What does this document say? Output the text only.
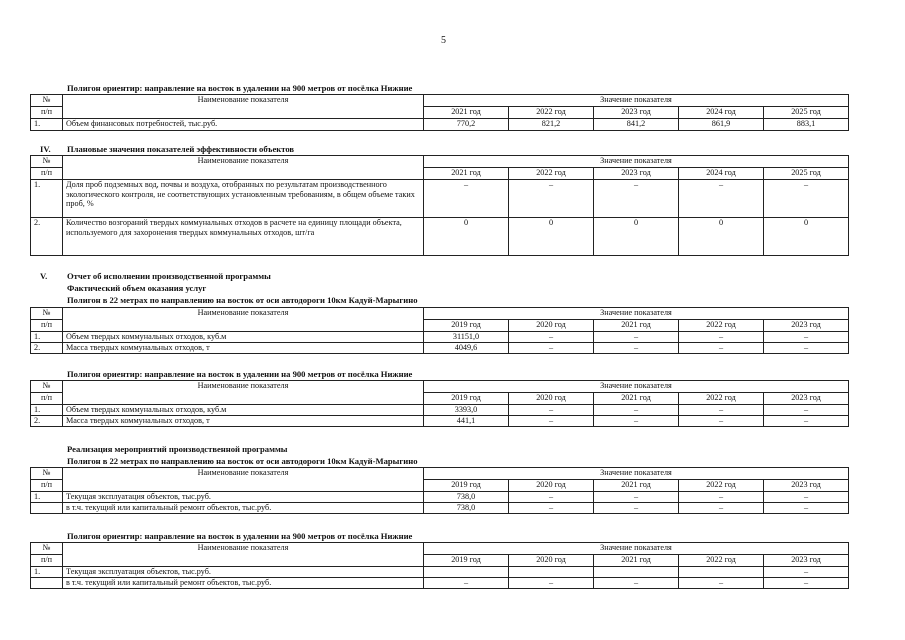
5
Полигон ориентир: направление на восток в удалении на 900 метров от посёлка Нижние
№	Наименование показателя	Значение показателя				
п/п		2021 год	2022 год	2023 год	2024 год	2025 год
1.	Объем финансовых потребностей, тыс.руб.	770,2	821,2	841,2	861,9	883,1
IV. Плановые значения показателей эффективности объектов
№	Наименование показателя	Значение показателя				
п/п		2021 год	2022 год	2023 год	2024 год	2025 год
1.	Доля проб подземных вод, почвы и воздуха, отобранных по результатам производственного экологического контроля, не соответствующих установленным требованиям, в общем объеме таких проб, %	–	–	–	–	–
2.	Количество возгораний твердых коммунальных отходов в расчете на единицу площади объекта, используемого для захоронения твердых коммунальных отходов, шт/га	0	0	0	0	0
V. Отчет об исполнении производственной программы
Фактический объем оказания услуг
Полигон в 22 метрах по направлению на восток от оси автодороги 10км Кадуй-Марыгино
№	Наименование показателя	Значение показателя				
п/п		2019 год	2020 год	2021 год	2022 год	2023 год
1.	Объем твердых коммунальных отходов, куб.м	31151,0	–	–	–	–
2.	Масса твердых коммунальных отходов, т	4049,6	–	–	–	–
Полигон ориентир: направление на восток в удалении на 900 метров от посёлка Нижние
№	Наименование показателя	Значение показателя				
п/п		2019 год	2020 год	2021 год	2022 год	2023 год
1.	Объем твердых коммунальных отходов, куб.м	3393,0	–	–	–	–
2.	Масса твердых коммунальных отходов, т	441,1	–	–	–	–
Реализация мероприятий производственной программы
Полигон в 22 метрах по направлению на восток от оси автодороги 10км Кадуй-Марыгино
№	Наименование показателя	Значение показателя				
п/п		2019 год	2020 год	2021 год	2022 год	2023 год
1.	Текущая эксплуатация объектов, тыс.руб.	738,0	–	–	–	–
	в т.ч. текущий или капитальный ремонт объектов, тыс.руб.	738,0	–	–	–	–
Полигон ориентир: направление на восток в удалении на 900 метров от посёлка Нижние
№	Наименование показателя	Значение показателя				
п/п		2019 год	2020 год	2021 год	2022 год	2023 год
1.	Текущая эксплуатация объектов, тыс.руб.					–
	в т.ч. текущий или капитальный ремонт объектов, тыс.руб.	–	–	–	–	–
